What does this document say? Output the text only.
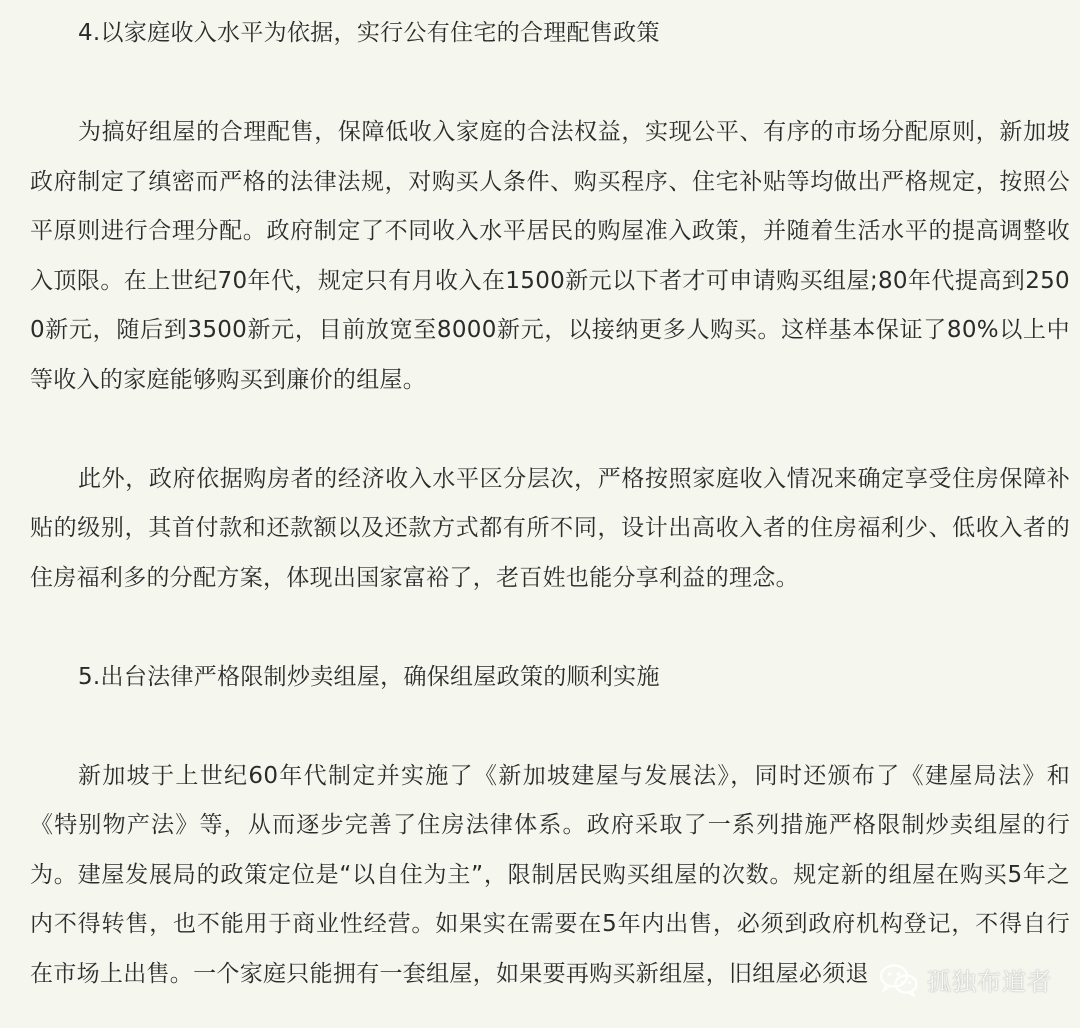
4.以家庭收入水平为依据，实行公有住宅的合理配售政策

为搞好组屋的合理配售，保障低收入家庭的合法权益，实现公平、有序的市场分配原则，新加坡政府制定了缜密而严格的法律法规，对购买人条件、购买程序、住宅补贴等均做出严格规定，按照公平原则进行合理分配。政府制定了不同收入水平居民的购屋准入政策，并随着生活水平的提高调整收入顶限。在上世纪70年代，规定只有月收入在1500新元以下者才可申请购买组屋;80年代提高到2500新元，随后到3500新元，目前放宽至8000新元，以接纳更多人购买。这样基本保证了80%以上中等收入的家庭能够购买到廉价的组屋。

此外，政府依据购房者的经济收入水平区分层次，严格按照家庭收入情况来确定享受住房保障补贴的级别，其首付款和还款额以及还款方式都有所不同，设计出高收入者的住房福利少、低收入者的住房福利多的分配方案，体现出国家富裕了，老百姓也能分享利益的理念。

5.出台法律严格限制炒卖组屋，确保组屋政策的顺利实施

新加坡于上世纪60年代制定并实施了《新加坡建屋与发展法》，同时还颁布了《建屋局法》和《特别物产法》等，从而逐步完善了住房法律体系。政府采取了一系列措施严格限制炒卖组屋的行为。建屋发展局的政策定位是“以自住为主”，限制居民购买组屋的次数。规定新的组屋在购买5年之内不得转售，也不能用于商业性经营。如果实在需要在5年内出售，必须到政府机构登记，不得自行在市场上出售。一个家庭只能拥有一套组屋，如果要再购买新组屋，旧组屋必须退	孤独布道者
